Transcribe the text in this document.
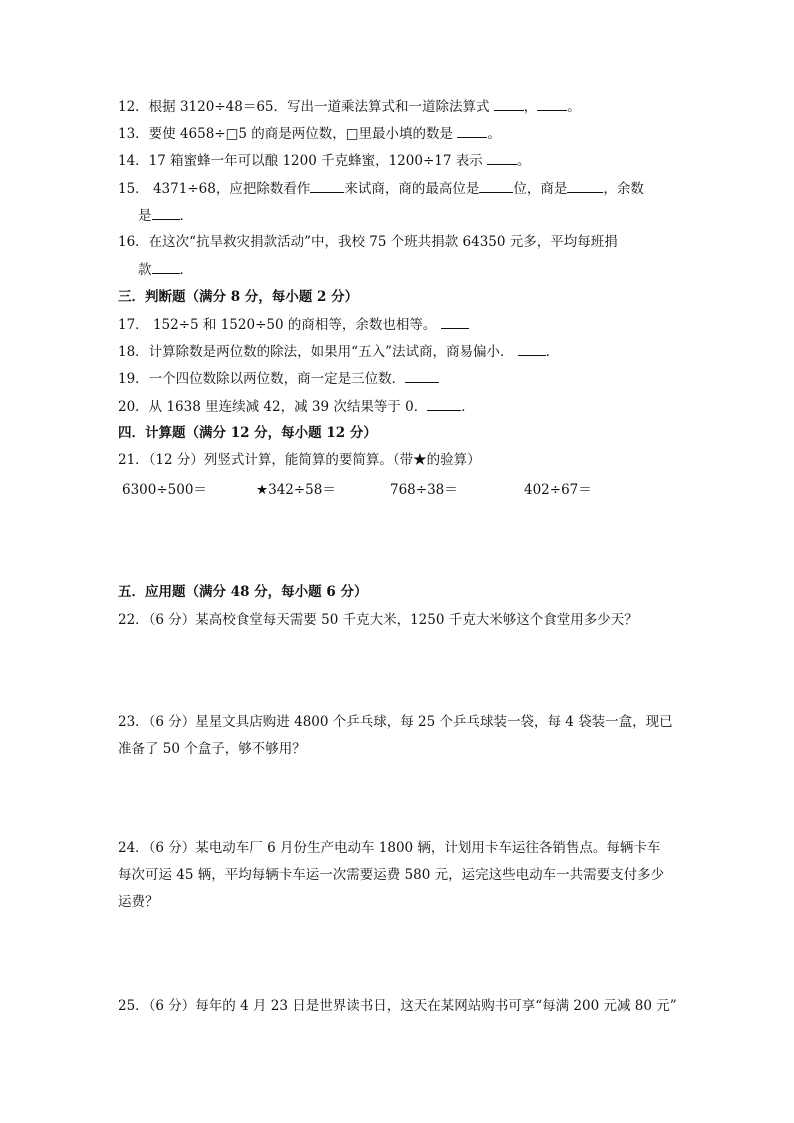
12．根据 3120÷48＝65．写出一道乘法算式和一道除法算式	， 。
13．要使 4658÷□5 的商是两位数，□里最小填的数是	。
14．17 箱蜜蜂一年可以酿 1200 千克蜂蜜，1200÷17 表示	。
15． 4371÷68，应把除数看作	来试商，商的最高位是	位，商是	，余数
是 ．
16．在这次“抗旱救灾捐款活动”中，我校 75 个班共捐款 64350 元多，平均每班捐
款 ．
三．判断题（满分 8 分，每小题 2 分）
17． 152÷5 和 1520÷50 的商相等，余数也相等。
18．计算除数是两位数的除法，如果用“五入”法试商，商易偏小． ．
19．一个四位数除以两位数，商一定是三位数．
20．从 1638 里连续减 42，减 39 次结果等于 0．	．
四．计算题（满分 12 分，每小题 12 分）
21．（12 分）列竖式计算，能简算的要简算。（带★的验算）
6300÷500＝	★342÷58＝	768÷38＝	402÷67＝
五．应用题（满分 48 分，每小题 6 分）
22．（6 分）某高校食堂每天需要 50 千克大米，1250 千克大米够这个食堂用多少天？
23．（6 分）星星文具店购进 4800 个乒乓球，每 25 个乒乓球装一袋，每 4 袋装一盒，现已
准备了 50 个盒子，够不够用？
24．（6 分）某电动车厂 6 月份生产电动车 1800 辆，计划用卡车运往各销售点。每辆卡车
每次可运 45 辆，平均每辆卡车运一次需要运费 580 元，运完这些电动车一共需要支付多少
运费？
25．（6 分）每年的 4 月 23 日是世界读书日，这天在某网站购书可享“每满 200 元减 80 元”
